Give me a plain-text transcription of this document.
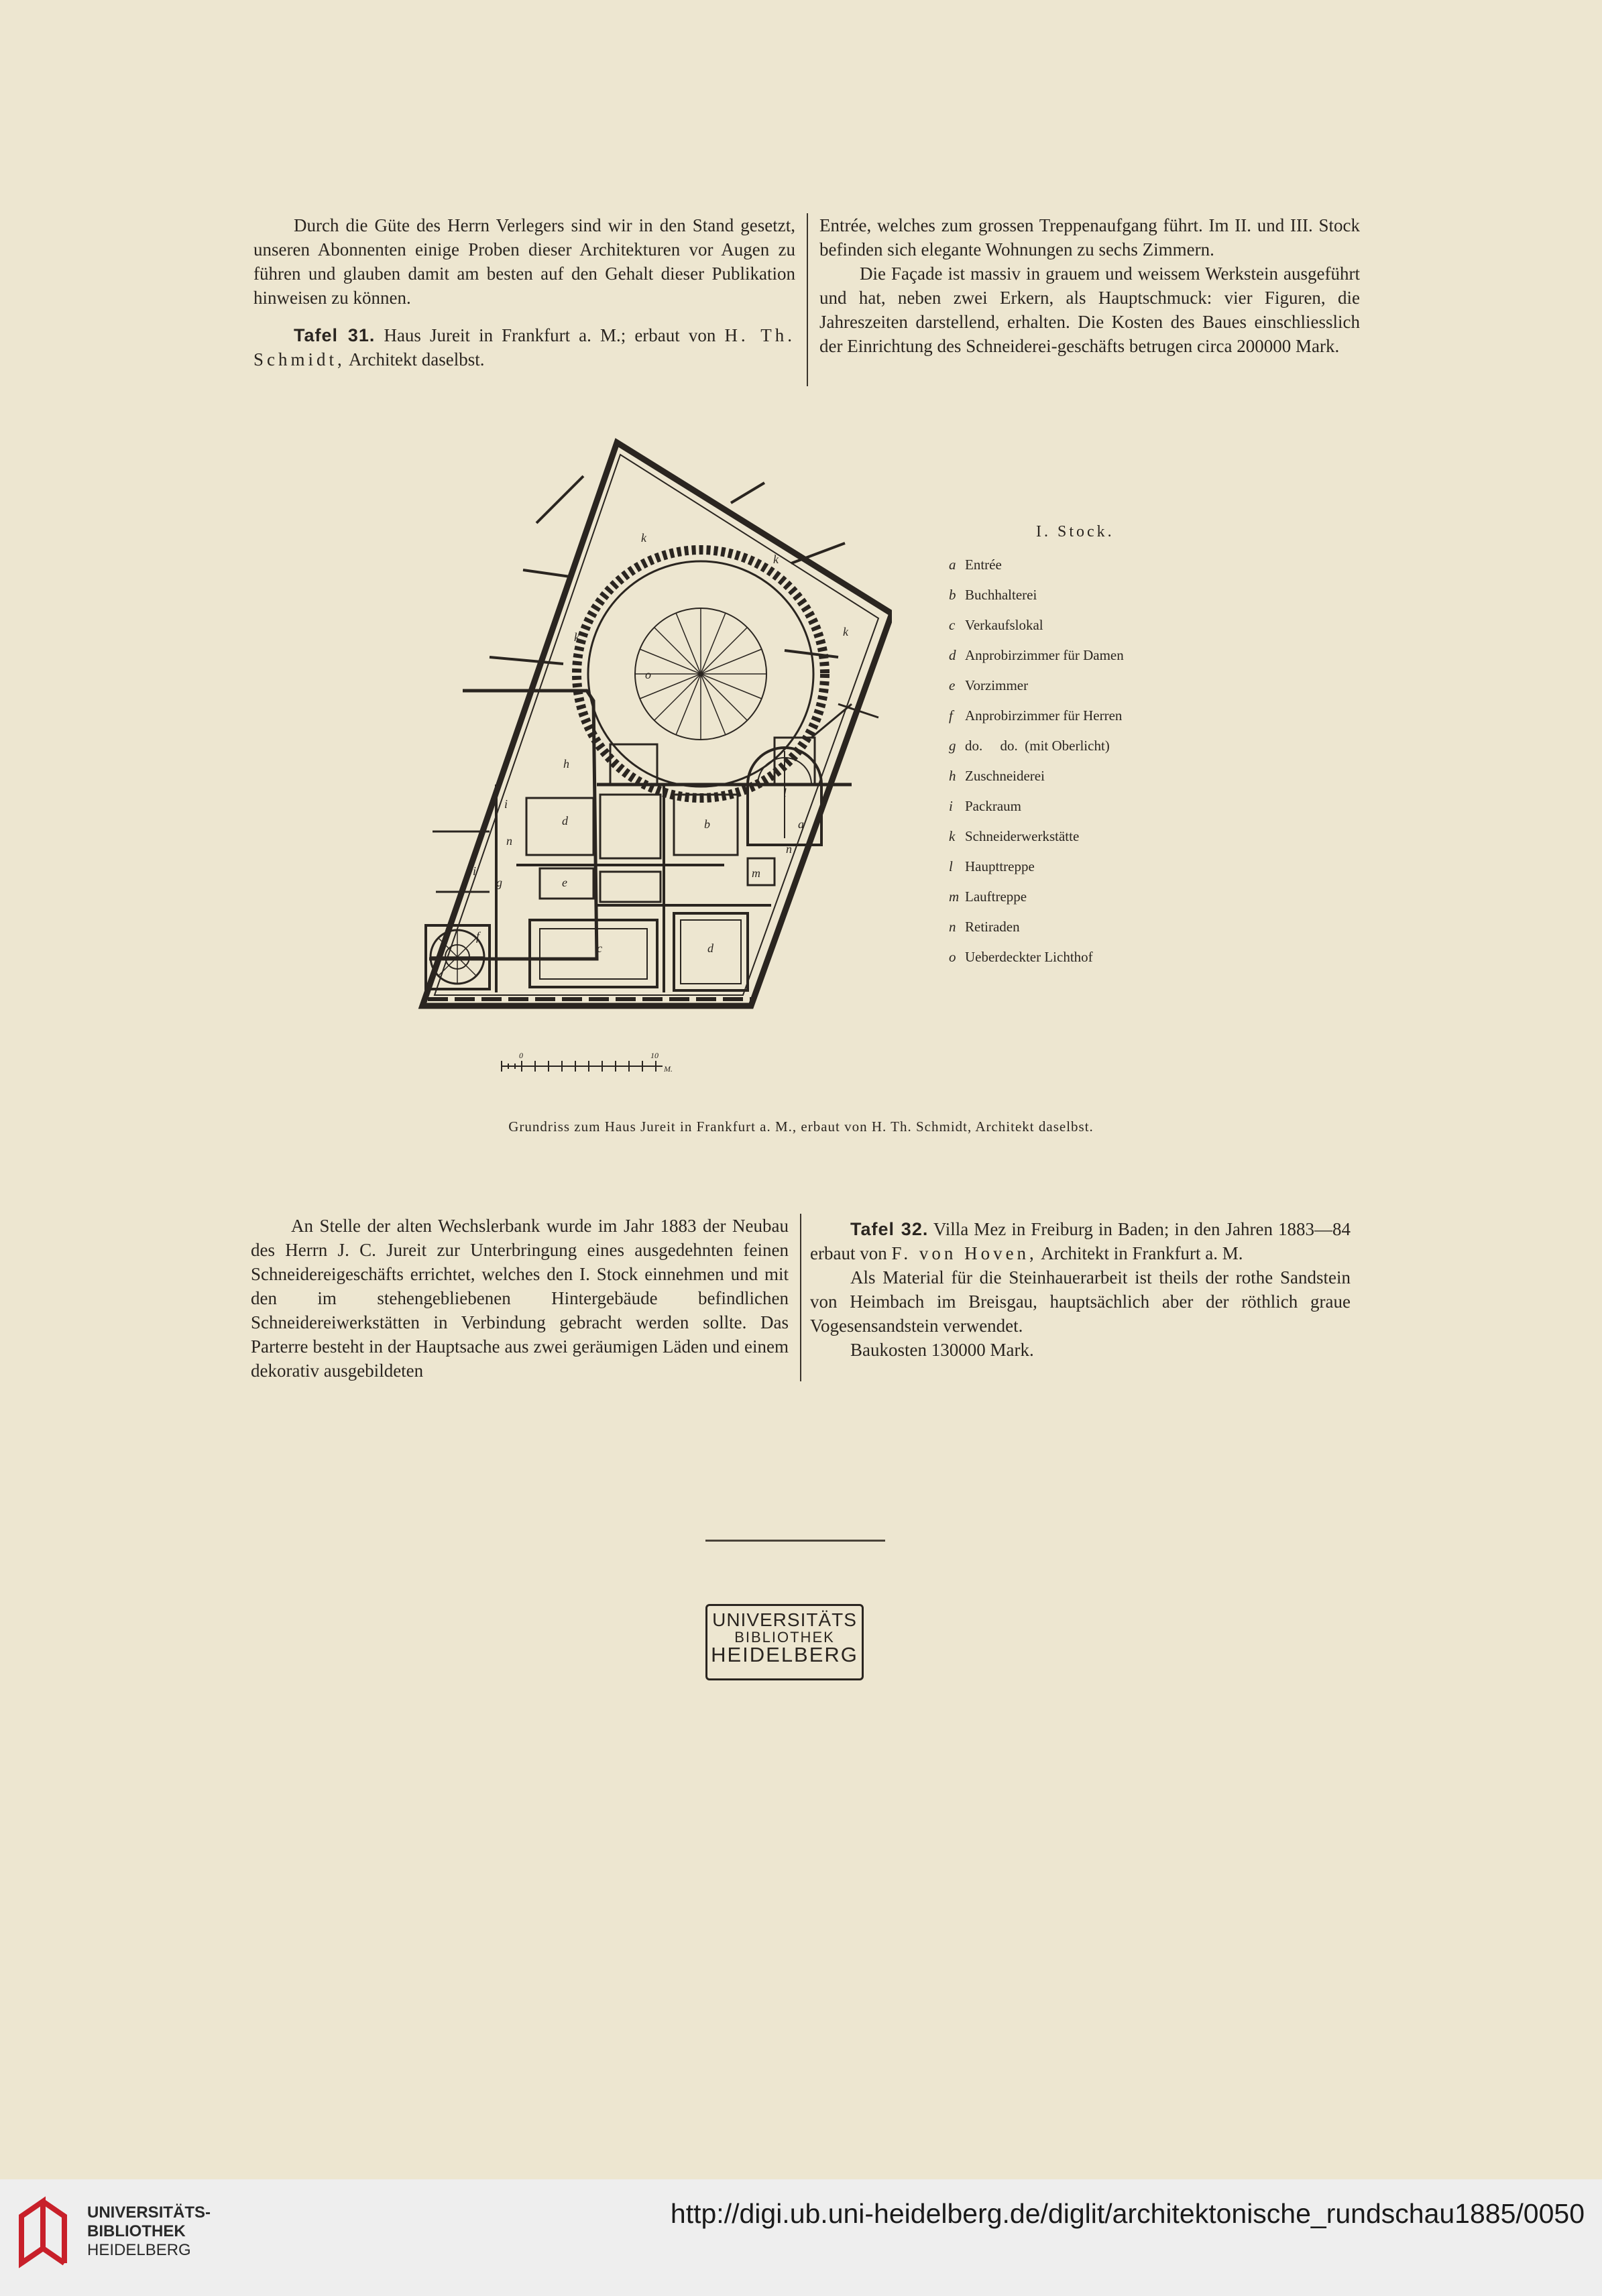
Durch die Güte des Herrn Verlegers sind wir in den Stand gesetzt, unseren Abonnenten einige Proben dieser Architekturen vor Augen zu führen und glauben damit am besten auf den Gehalt dieser Publikation hinweisen zu können.

Tafel 31. Haus Jureit in Frankfurt a. M.; erbaut von H. Th. Schmidt, Architekt daselbst.

Entrée, welches zum grossen Treppenaufgang führt. Im II. und III. Stock befinden sich elegante Wohnungen zu sechs Zimmern.

Die Façade ist massiv in grauem und weissem Werkstein ausgeführt und hat, neben zwei Erkern, als Hauptschmuck: vier Figuren, die Jahreszeiten darstellend, erhalten. Die Kosten des Baues einschliesslich der Einrichtung des Schneiderei-geschäfts betrugen circa 200000 Mark.

o
d	b
c	d
e
f
g
h
i
i
k
k
k	k
l
m
n
n
a
0	10
M.
I. Stock.
a Entrée
b Buchhalterei
c Verkaufslokal
d Anprobirzimmer für Damen
e Vorzimmer
f Anprobirzimmer für Herren
g do.     do.  (mit Oberlicht)
h Zuschneiderei
i Packraum
k Schneiderwerkstätte
l Haupttreppe
m Lauftreppe
n Retiraden
o Ueberdeckter Lichthof
Grundriss zum Haus Jureit in Frankfurt a. M., erbaut von H. Th. Schmidt, Architekt daselbst.

An Stelle der alten Wechslerbank wurde im Jahr 1883 der Neubau des Herrn J. C. Jureit zur Unterbringung eines ausgedehnten feinen Schneidereigeschäfts errichtet, welches den I. Stock einnehmen und mit den im stehengebliebenen Hintergebäude befindlichen Schneidereiwerkstätten in Verbindung gebracht werden sollte. Das Parterre besteht in der Hauptsache aus zwei geräumigen Läden und einem dekorativ ausgebildeten

Tafel 32. Villa Mez in Freiburg in Baden; in den Jahren 1883—84 erbaut von F. von Hoven, Architekt in Frankfurt a. M.

Als Material für die Steinhauerarbeit ist theils der rothe Sandstein von Heimbach im Breisgau, hauptsächlich aber der röthlich graue Vogesensandstein verwendet.

Baukosten 130000 Mark.

UNIVERSITÄTS
BIBLIOTHEK
HEIDELBERG
UNIVERSITÄTS-
BIBLIOTHEK
HEIDELBERG
http://digi.ub.uni-heidelberg.de/diglit/architektonische_rundschau1885/0050
